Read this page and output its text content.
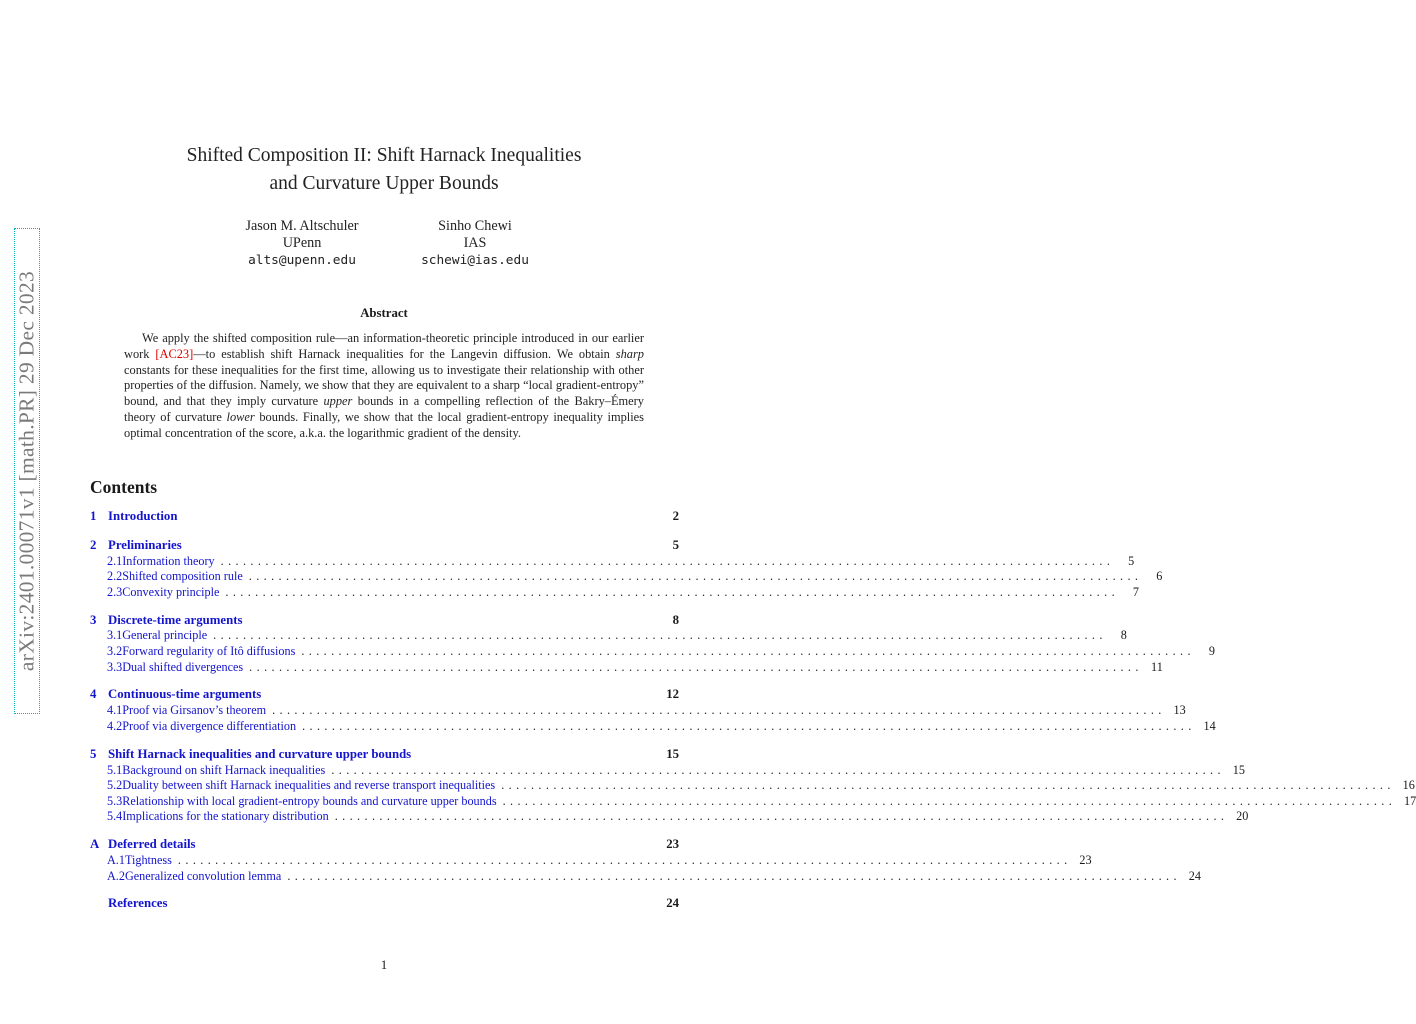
arXiv:2401.00071v1 [math.PR] 29 Dec 2023
Shifted Composition II: Shift Harnack Inequalities
and Curvature Upper Bounds
Jason M. Altschuler
UPenn
alts@upenn.edu
Sinho Chewi
IAS
schewi@ias.edu
Abstract

We apply the shifted composition rule—an information-theoretic principle introduced in our earlier work [AC23]—to establish shift Harnack inequalities for the Langevin diffusion. We obtain sharp constants for these inequalities for the first time, allowing us to investigate their relationship with other properties of the diffusion. Namely, we show that they are equivalent to a sharp “local gradient-entropy” bound, and that they imply curvature upper bounds in a compelling reflection of the Bakry–Émery theory of curvature lower bounds. Finally, we show that the local gradient-entropy inequality implies optimal concentration of the score, a.k.a. the logarithmic gradient of the density.

Contents
1 Introduction	2
2 Preliminaries	5
2.1 Information theory ........................................................................................................................	5
2.2 Shifted composition rule ........................................................................................................................	6
2.3 Convexity principle ........................................................................................................................	7
3 Discrete-time arguments	8
3.1 General principle ........................................................................................................................	8
3.2 Forward regularity of Itô diffusions ........................................................................................................................	9
3.3 Dual shifted divergences ........................................................................................................................ 11
4 Continuous-time arguments	12
4.1 Proof via Girsanov’s theorem ........................................................................................................................ 13
4.2 Proof via divergence differentiation ........................................................................................................................ 14
5 Shift Harnack inequalities and curvature upper bounds	15
5.1 Background on shift Harnack inequalities ........................................................................................................................ 15
5.2 Duality between shift Harnack inequalities and reverse transport inequalities ........................................................................................................................ 16
5.3 Relationship with local gradient-entropy bounds and curvature upper bounds ........................................................................................................................ 17
5.4 Implications for the stationary distribution ........................................................................................................................ 20
A Deferred details	23
A.1 Tightness ........................................................................................................................ 23
A.2 Generalized convolution lemma ........................................................................................................................ 24
References	24
1
